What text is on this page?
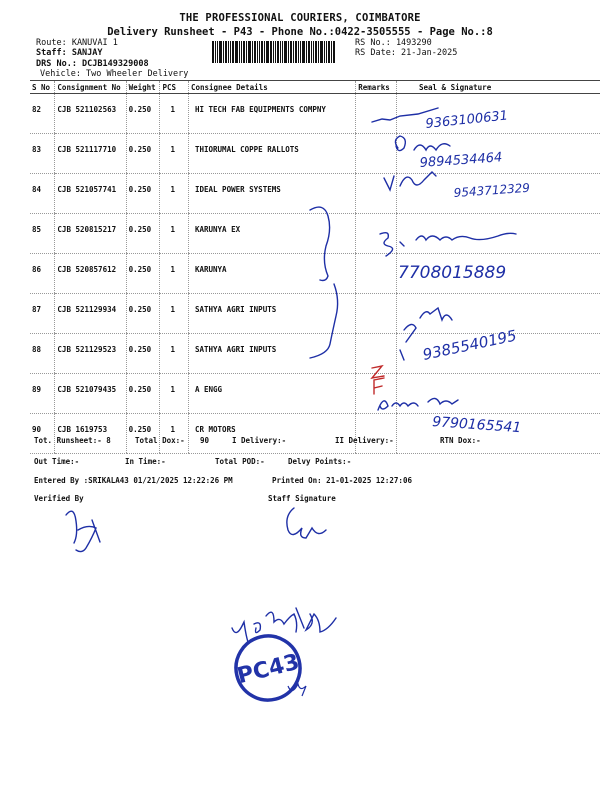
THE PROFESSIONAL COURIERS, COIMBATORE
Delivery Runsheet - P43 - Phone No.:0422-3505555 - Page No.:8
Route: KANUVAI 1
Staff: SANJAY
DRS No.: DCJB149329008
Vehicle: Two Wheeler Delivery
RS No.: 1493290
RS Date: 21-Jan-2025
S No	Consignment No	Weight	PCS	Consignee Details	Remarks	Seal & Signature
82	CJB 521102563	0.250	1	HI TECH FAB EQUIPMENTS COMPNY		
83	CJB 521117710	0.250	1	THIORUMAL COPPE RALLOTS		
84	CJB 521057741	0.250	1	IDEAL POWER SYSTEMS		
85	CJB 520815217	0.250	1	KARUNYA EX		
86	CJB 520857612	0.250	1	KARUNYA		
87	CJB 521129934	0.250	1	SATHYA AGRI INPUTS		
88	CJB 521129523	0.250	1	SATHYA AGRI INPUTS		
89	CJB 521079435	0.250	1	A ENGG		
90	CJB 1619753	0.250	1	CR MOTORS		
Tot. Runsheet:- 8	Total Dox:- 90	I Delivery:-	II Delivery:-	RTN Dox:-
Out Time:-	In Time:-	Total POD:-	Delvy Points:-
Entered By :SRIKALA43 01/21/2025 12:22:26 PM	Printed On: 21-01-2025 12:27:06
Verified By	Staff Signature
9363100631
9894534464
9543712329
7708015889
9385540195
9790165541
PC43
